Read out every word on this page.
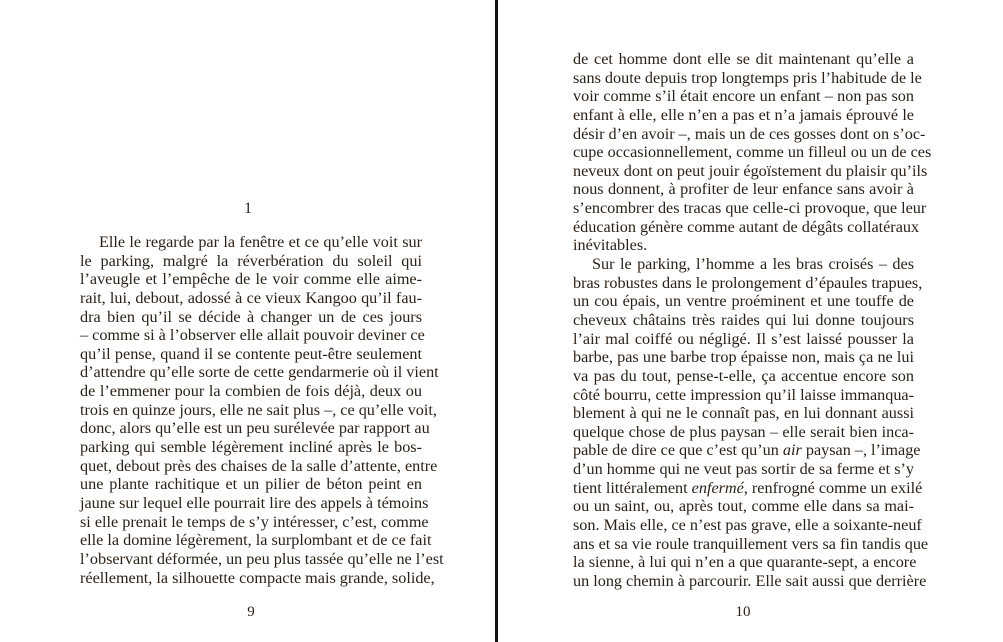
1
Elle le regarde par la fenêtre et ce qu’elle voit sur
le parking, malgré la réverbération du soleil qui
l’aveugle et l’empêche de le voir comme elle aime-
rait, lui, debout, adossé à ce vieux Kangoo qu’il fau-
dra bien qu’il se décide à changer un de ces jours
– comme si à l’observer elle allait pouvoir deviner ce
qu’il pense, quand il se contente peut-être seulement
d’attendre qu’elle sorte de cette gendarmerie où il vient
de l’emmener pour la combien de fois déjà, deux ou
trois en quinze jours, elle ne sait plus –, ce qu’elle voit,
donc, alors qu’elle est un peu surélevée par rapport au
parking qui semble légèrement incliné après le bos-
quet, debout près des chaises de la salle d’attente, entre
une plante rachitique et un pilier de béton peint en
jaune sur lequel elle pourrait lire des appels à témoins
si elle prenait le temps de s’y intéresser, c’est, comme
elle la domine légèrement, la surplombant et de ce fait
l’observant déformée, un peu plus tassée qu’elle ne l’est
réellement, la silhouette compacte mais grande, solide,
9
de cet homme dont elle se dit maintenant qu’elle a
sans doute depuis trop longtemps pris l’habitude de le
voir comme s’il était encore un enfant – non pas son
enfant à elle, elle n’en a pas et n’a jamais éprouvé le
désir d’en avoir –, mais un de ces gosses dont on s’oc-
cupe occasionnellement, comme un filleul ou un de ces
neveux dont on peut jouir égoïstement du plaisir qu’ils
nous donnent, à profiter de leur enfance sans avoir à
s’encombrer des tracas que celle-ci provoque, que leur
éducation génère comme autant de dégâts collatéraux
inévitables.
Sur le parking, l’homme a les bras croisés – des
bras robustes dans le prolongement d’épaules trapues,
un cou épais, un ventre proéminent et une touffe de
cheveux châtains très raides qui lui donne toujours
l’air mal coiffé ou négligé. Il s’est laissé pousser la
barbe, pas une barbe trop épaisse non, mais ça ne lui
va pas du tout, pense-t-elle, ça accentue encore son
côté bourru, cette impression qu’il laisse immanqua-
blement à qui ne le connaît pas, en lui donnant aussi
quelque chose de plus paysan – elle serait bien inca-
pable de dire ce que c’est qu’un air paysan –, l’image
d’un homme qui ne veut pas sortir de sa ferme et s’y
tient littéralement enfermé, renfrogné comme un exilé
ou un saint, ou, après tout, comme elle dans sa mai-
son. Mais elle, ce n’est pas grave, elle a soixante-neuf
ans et sa vie roule tranquillement vers sa fin tandis que
la sienne, à lui qui n’en a que quarante-sept, a encore
un long chemin à parcourir. Elle sait aussi que derrière
10
